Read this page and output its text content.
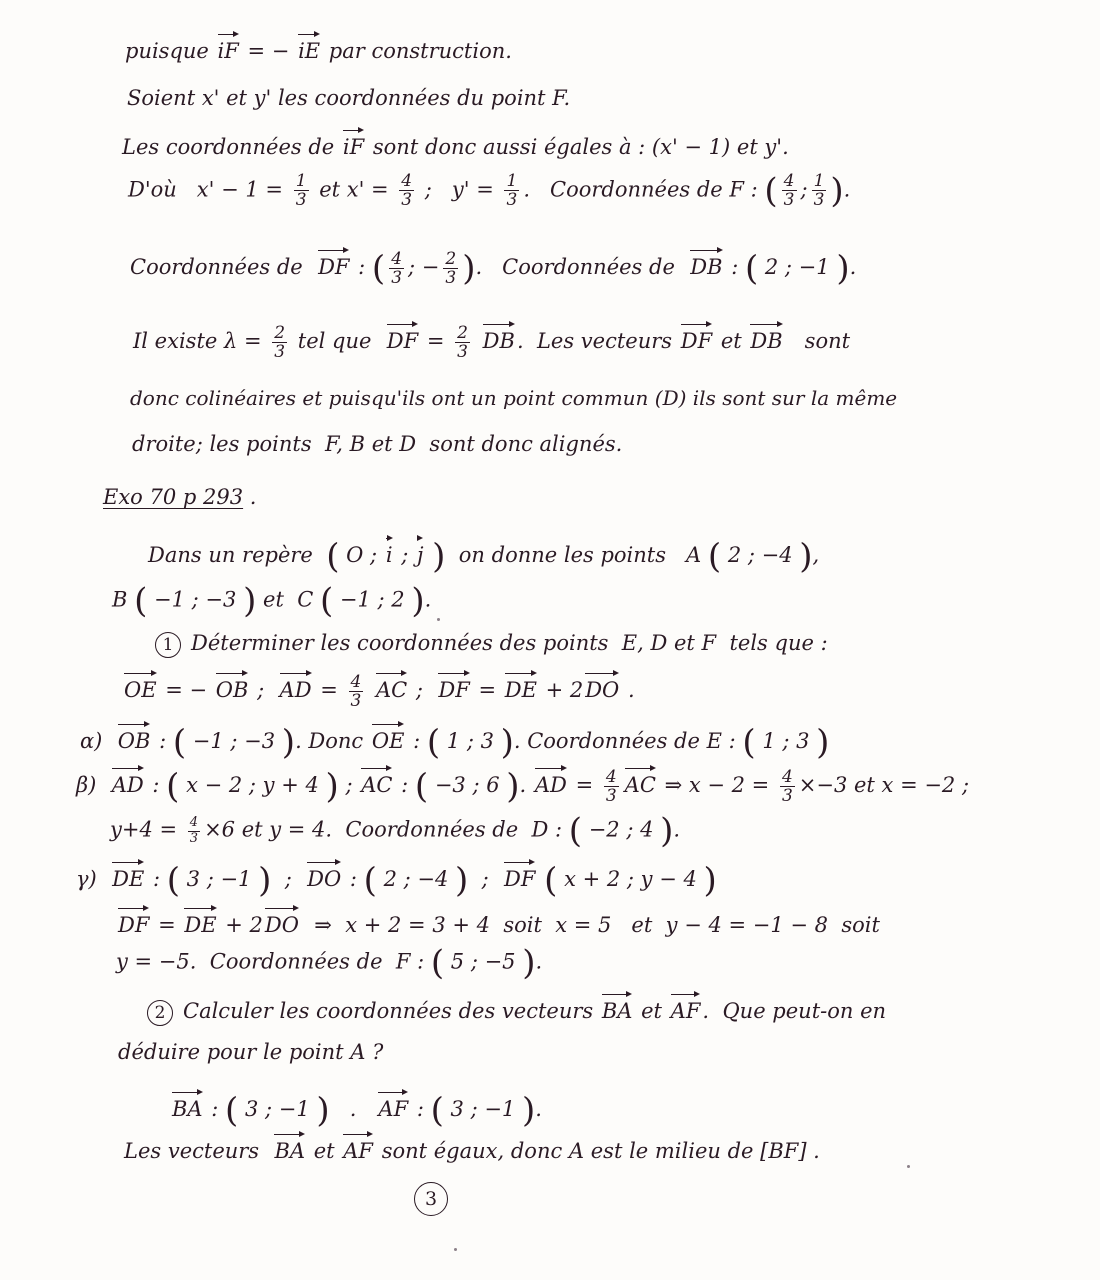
puisque iF = − iE par construction.
Soient x' et y' les coordonnées du point F.
Les coordonnées de iF sont donc aussi égales à : (x' − 1) et y'.
D'où   $x' - 1 = \frac{1}{3}$ et $x' = \frac{4}{3}$ ;   $y' = \frac{1}{3}$ .   Coordonnées de F : ( $\frac{4}{3}$ ; $\frac{1}{3}$ ).
Coordonnées de  DF : ( $\frac{4}{3}$ ; − $\frac{2}{3}$ ).   Coordonnées de  DB : ( 2 ; −1 ).
Il existe $\lambda = \frac{2}{3}$ tel que  DF = $\frac{2}{3}$ DB.  Les vecteurs DF et DB   sont
donc colinéaires et puisqu'ils ont un point commun (D) ils sont sur la même
droite; les points  F, B et D  sont donc alignés.
Exo 70 p 293 .
Dans un repère  ( O ; i ; j )  on donne les points   A ( 2 ; −4 ),
B ( −1 ; −3 ) et  C ( −1 ; 2 ).
1 Déterminer les coordonnées des points  E, D et F  tels que :
OE = − OB ;  AD = $\frac{4}{3}$ AC ;  DF = DE + 2DO .
α)  OB : ( −1 ; −3 ). Donc OE : ( 1 ; 3 ). Coordonnées de E : ( 1 ; 3 )
β)  AD : ( x − 2 ; y + 4 ) ; AC : ( −3 ; 6 ). AD = $\frac{4}{3}$ AC ⇒ $x - 2 = \frac{4}{3} \times-3$ et x = −2 ;
$y+4 = \frac{4}{3} \times 6$ et y = 4.  Coordonnées de  D : ( −2 ; 4 ).
γ)  DE : ( 3 ; −1 )  ;  DO : ( 2 ; −4 )  ;  DF ( x + 2 ; y − 4 )
DF = DE + 2DO  ⇒  x + 2 = 3 + 4  soit  x = 5   et  y − 4 = −1 − 8  soit
y = −5.  Coordonnées de  F : ( 5 ; −5 ).
2 Calculer les coordonnées des vecteurs BA et AF.  Que peut-on en
déduire pour le point A ?
BA : ( 3 ; −1 )   .   AF : ( 3 ; −1 ).
Les vecteurs  BA et AF sont égaux, donc A est le milieu de [BF] .
3
